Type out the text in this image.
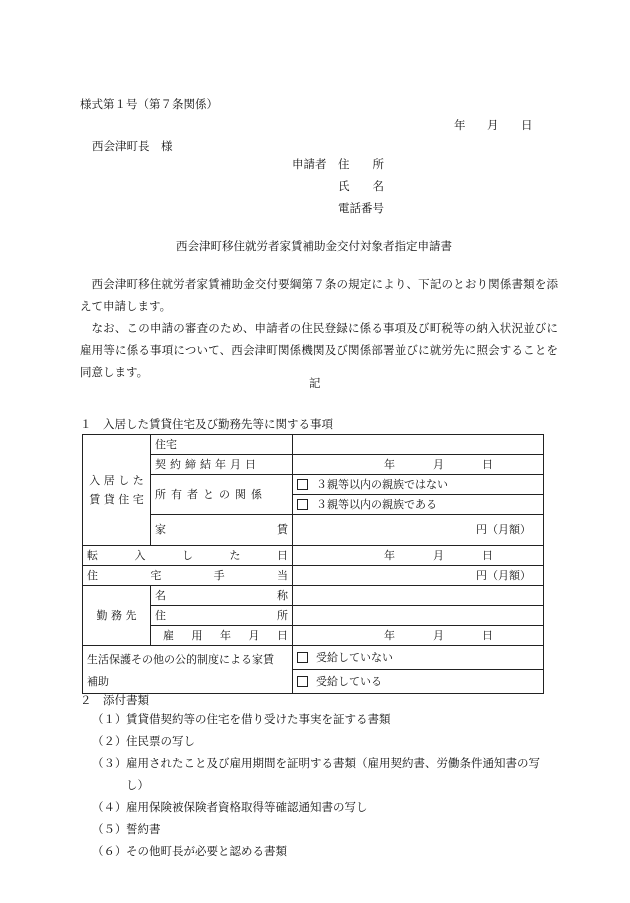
様式第１号（第７条関係）
年 月 日
西会津町長　様
申請者 住　　所
氏　　名
電話番号
西会津町移住就労者家賃補助金交付対象者指定申請書

西会津町移住就労者家賃補助金交付要綱第７条の規定により、下記のとおり関係書類を添えて申請します。

なお、この申請の審査のため、申請者の住民登録に係る事項及び町税等の納入状況並びに雇用等に係る事項について、西会津町関係機関及び関係部署並びに就労先に照会することを同意します。

記
１　入居した賃貸住宅及び勤務先等に関する事項
入 居 し た
賃 貸 住 宅	住宅	

	契約締結年月日	年 月 日

	所有者との関係	３親等以内の親族ではない

		３親等以内の親族である

	家 賃	円（月額）

転 入 し た 日		年 月 日

住 宅 手 当		円（月額）
勤 務 先	名 称	

	住 所	

	雇 用 年 月 日	年 月 日

生活保護その他の公的制度による家賃
補助		受給していない

		受給している
２　添付書類
（１） 賃貸借契約等の住宅を借り受けた事実を証する書類
（２） 住民票の写し
（３） 雇用されたこと及び雇用期間を証明する書類（雇用契約書、労働条件通知書の写し）
（４） 雇用保険被保険者資格取得等確認通知書の写し
（５） 誓約書
（６） その他町長が必要と認める書類
